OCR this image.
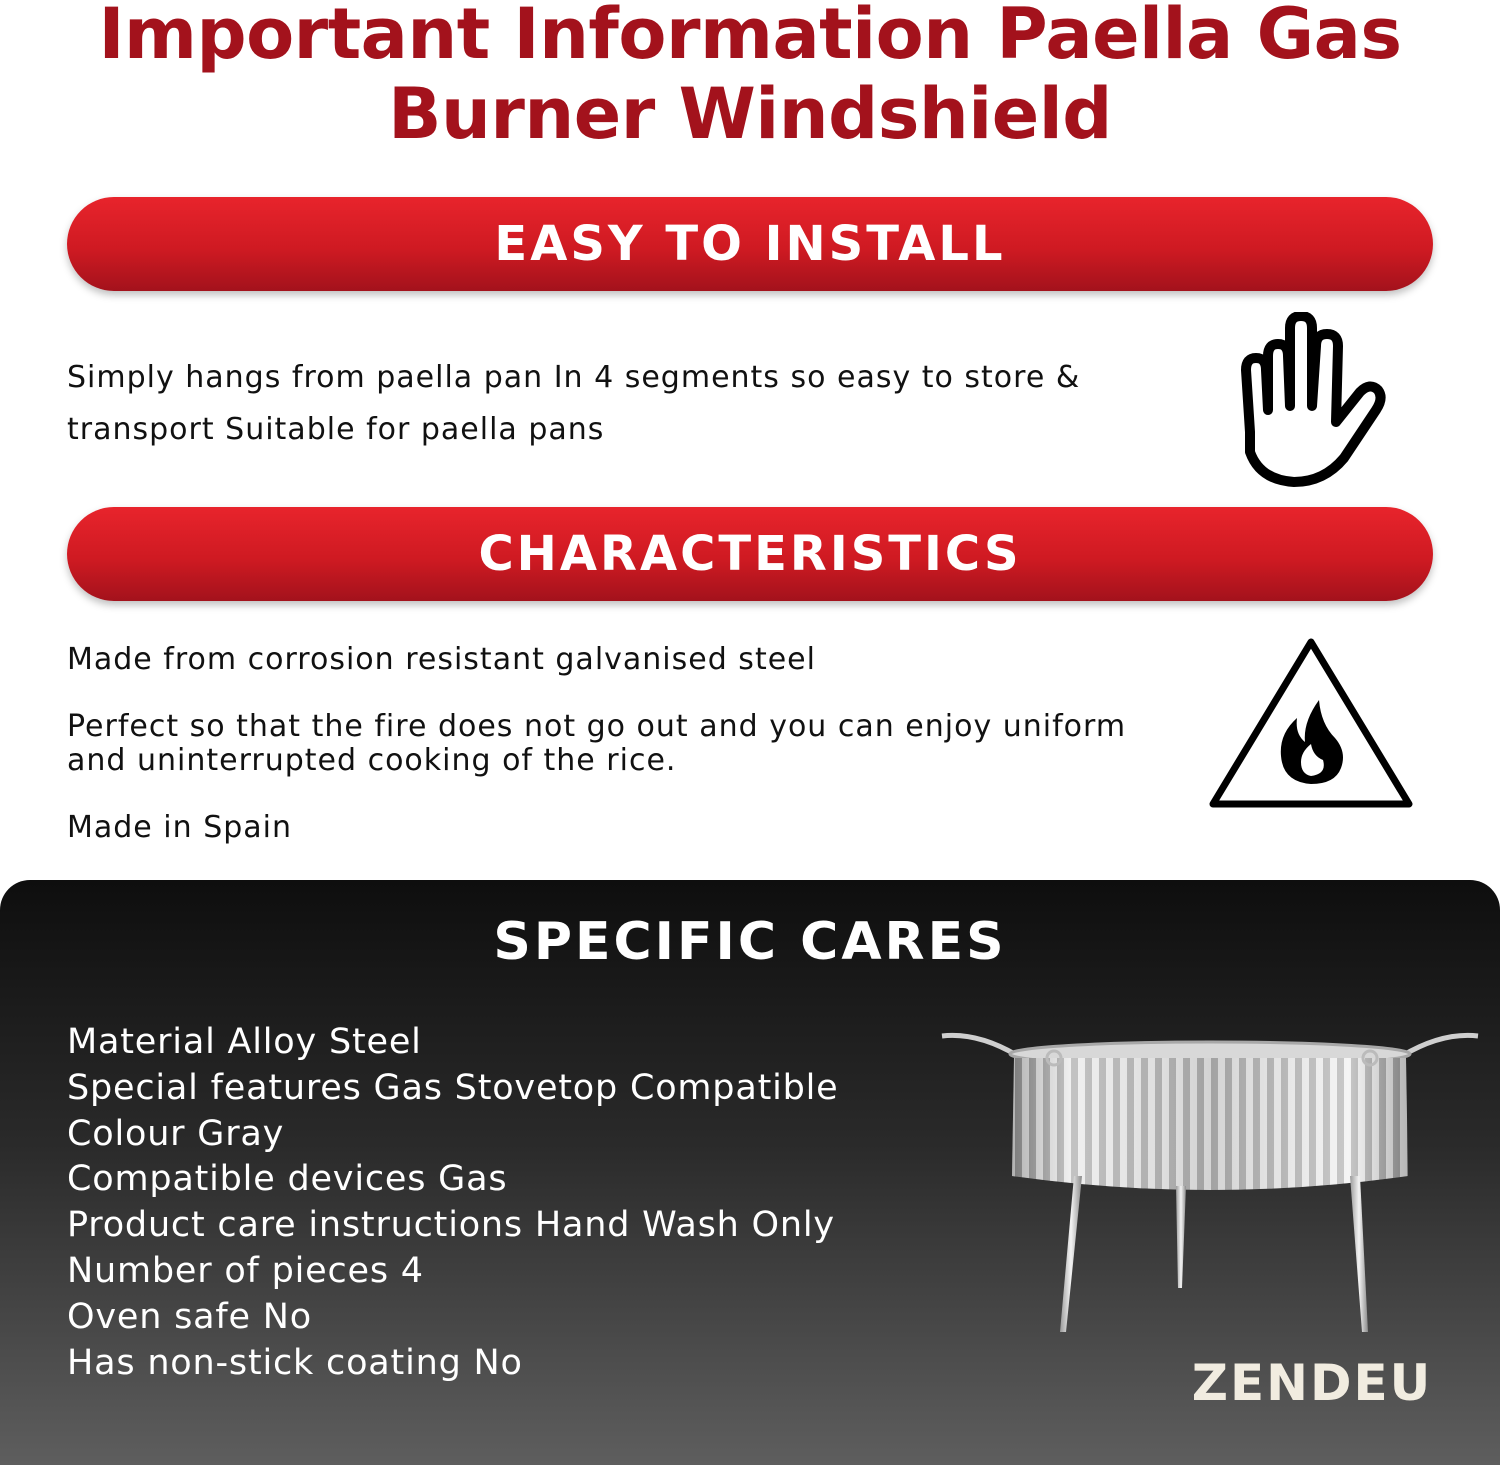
Important Information Paella Gas
Burner Windshield
EASY TO INSTALL
Simply hangs from paella pan In 4 segments so easy to store &
transport Suitable for paella pans
CHARACTERISTICS
Made from corrosion resistant galvanised steel
Perfect so that the fire does not go out and you can enjoy uniform
and uninterrupted cooking of the rice.
Made in Spain
SPECIFIC CARES
Material Alloy Steel
Special features Gas Stovetop Compatible
Colour Gray
Compatible devices Gas
Product care instructions Hand Wash Only
Number of pieces 4
Oven safe No
Has non-stick coating No	ZENDEU
